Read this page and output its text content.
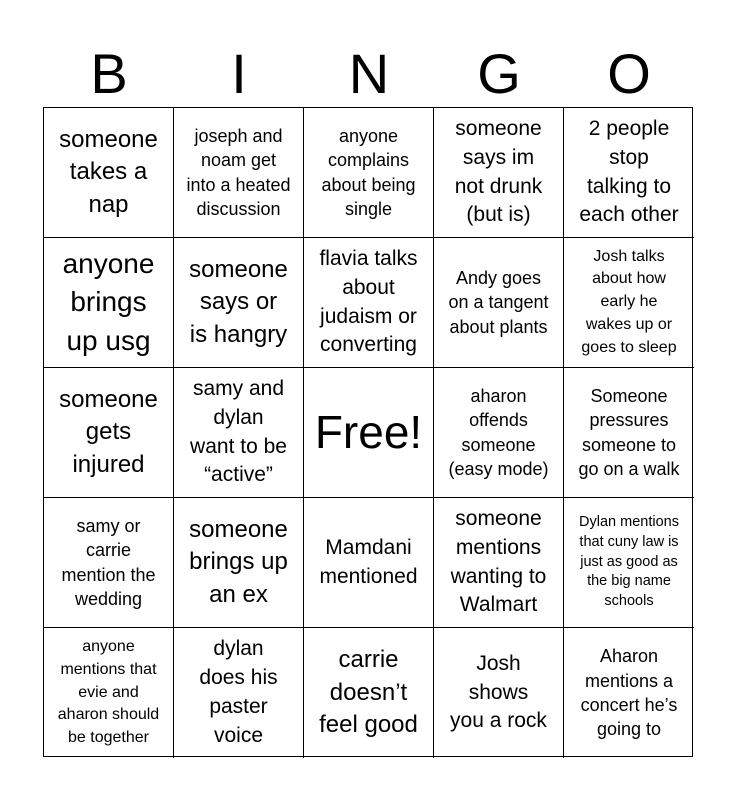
B	I	N	G	O
someone
takes a
nap
joseph and
noam get
into a heated
discussion
anyone
complains
about being
single
someone
says im
not drunk
(but is)
2 people
stop
talking to
each other
anyone
brings
up usg
someone
says or
is hangry
flavia talks
about
judaism or
converting
Andy goes
on a tangent
about plants
Josh talks
about how
early he
wakes up or
goes to sleep
someone
gets
injured
samy and
dylan
want to be
“active”
Free!
aharon
offends
someone
(easy mode)
Someone
pressures
someone to
go on a walk
samy or
carrie
mention the
wedding
someone
brings up
an ex
Mamdani
mentioned
someone
mentions
wanting to
Walmart
Dylan mentions
that cuny law is
just as good as
the big name
schools
anyone
mentions that
evie and
aharon should
be together
dylan
does his
paster
voice
carrie
doesn’t
feel good
Josh
shows
you a rock
Aharon
mentions a
concert he’s
going to
